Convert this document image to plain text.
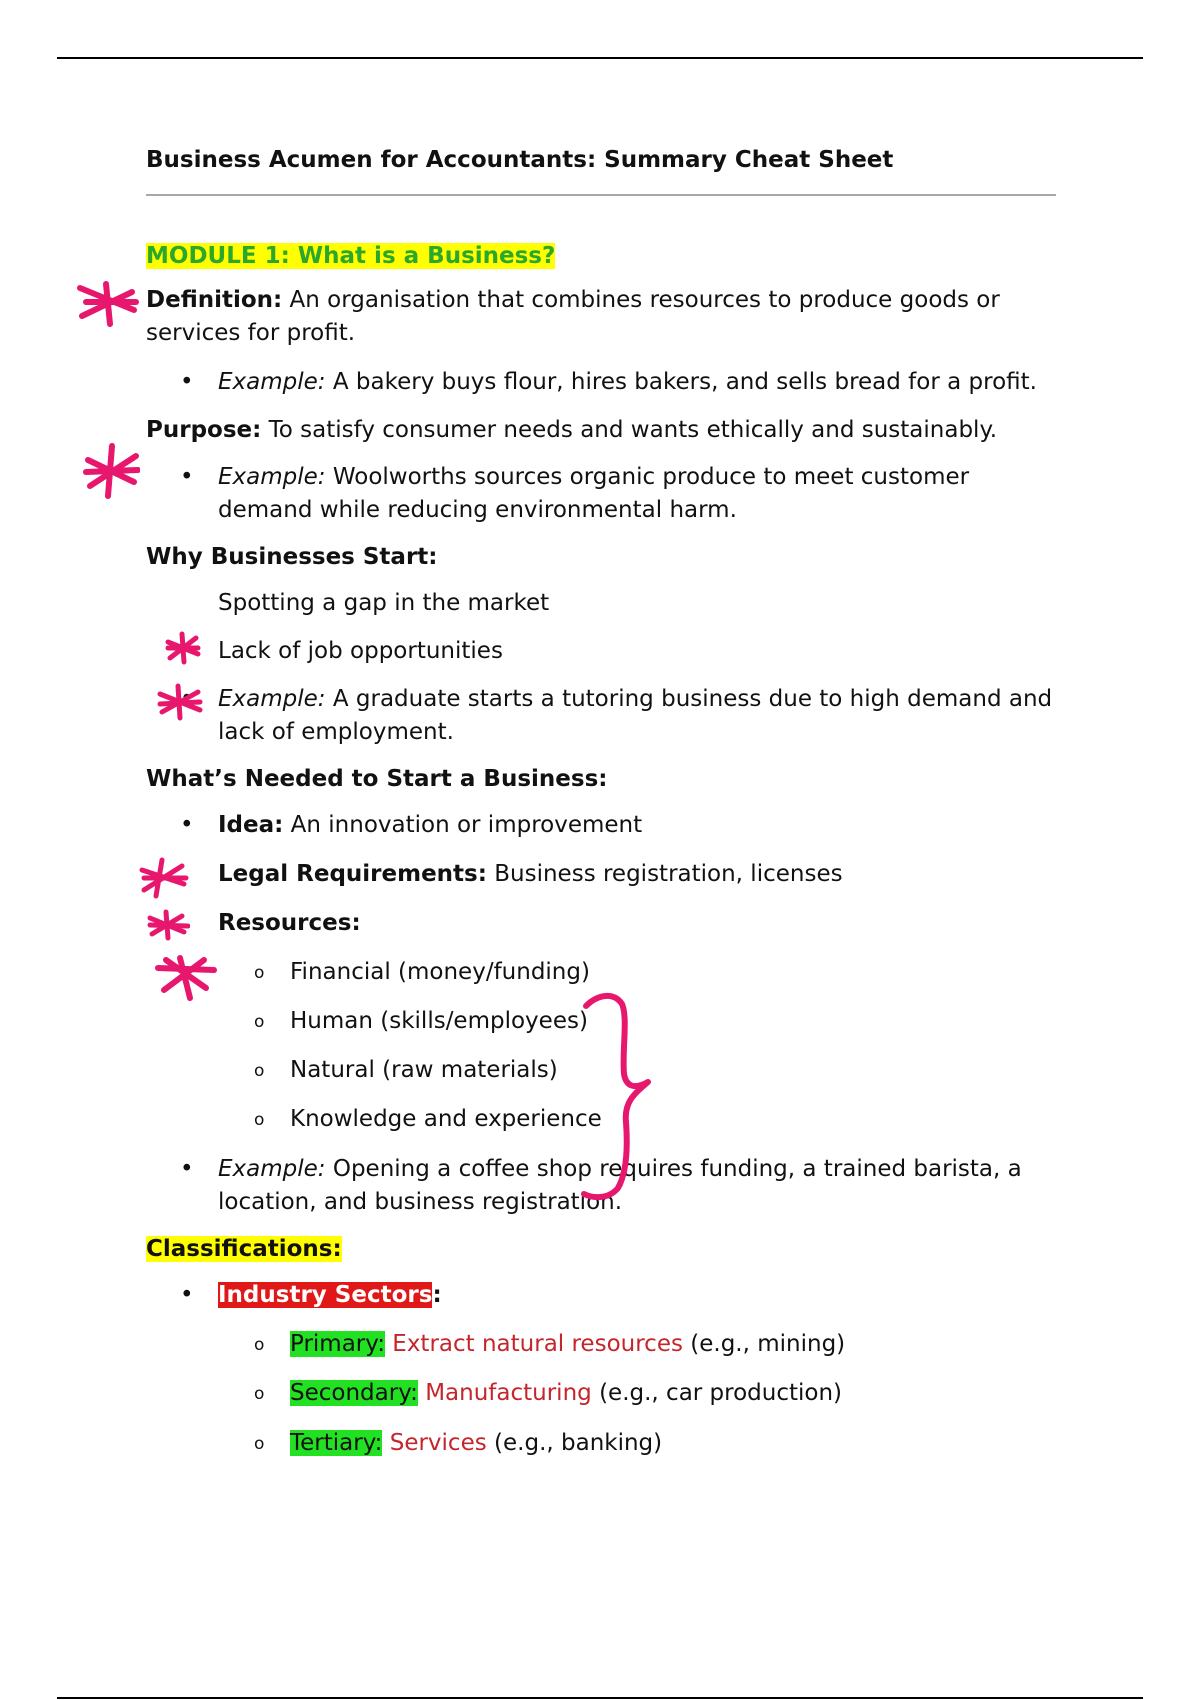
Business Acumen for Accountants: Summary Cheat Sheet

MODULE 1: What is a Business?

Definition: An organisation that combines resources to produce goods or services for profit.

• Example: A bakery buys flour, hires bakers, and sells bread for a profit.

Purpose: To satisfy consumer needs and wants ethically and sustainably.

• Example: Woolworths sources organic produce to meet customer demand while reducing environmental harm.

Why Businesses Start:

Spotting a gap in the market
Lack of job opportunities
• Example: A graduate starts a tutoring business due to high demand and lack of employment.

What’s Needed to Start a Business:

• Idea: An innovation or improvement
Legal Requirements: Business registration, licenses
Resources:
o Financial (money/funding)
o Human (skills/employees)
o Natural (raw materials)
o Knowledge and experience
• Example: Opening a coffee shop requires funding, a trained barista, a location, and business registration.

Classifications:

• Industry Sectors:
o Primary: Extract natural resources (e.g., mining)
o Secondary: Manufacturing (e.g., car production)
o Tertiary: Services (e.g., banking)
